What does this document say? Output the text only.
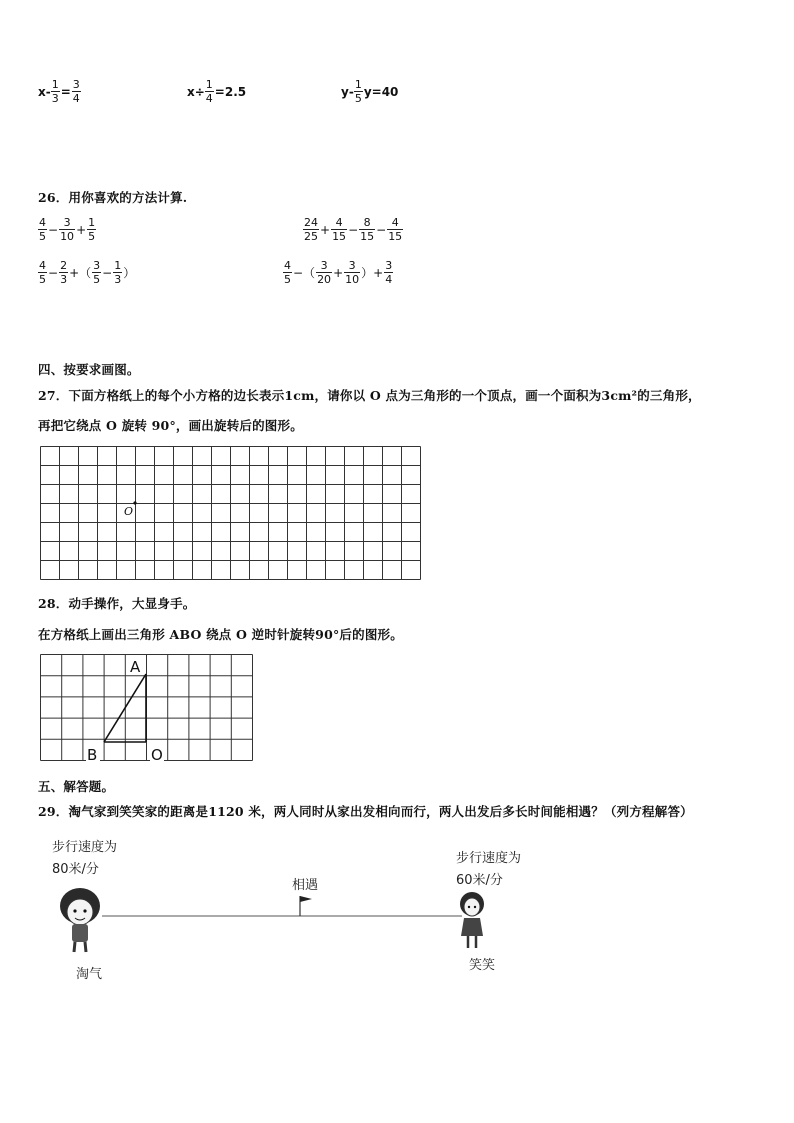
$x- \frac{1}{3} = \frac{3}{4}$	$x\div \frac{1}{4} =2.5$	$y- \frac{1}{5} y=40$
26．用你喜欢的方法计算.
$\frac{4}{5} - \frac{3}{10} + \frac{1}{5}$	$\frac{24}{25} + \frac{4}{15} - \frac{8}{15} - \frac{4}{15}$
$\frac{4}{5} - \frac{2}{3}$ +（ $\frac{3}{5} - \frac{1}{3}$ ）	$\frac{4}{5}$ −（ $\frac{3}{20} + \frac{3}{10}$ ）+ $\frac{3}{4}$
四、按要求画图。
27．下面方格纸上的每个小方格的边长表示1cm，请你以 O 点为三角形的一个顶点，画一个面积为3cm²的三角形，
再把它绕点 O 旋转 90°，画出旋转后的图形。
O
28．动手操作，大显身手。
在方格纸上画出三角形 ABO 绕点 O 逆时针旋转90°后的图形。
A
B	O
五、解答题。
29．淘气家到笑笑家的距离是1120 米，两人同时从家出发相向而行，两人出发后多长时间能相遇？（列方程解答）
步行速度为
80米/分
步行速度为
60米/分
相遇
淘气
笑笑
